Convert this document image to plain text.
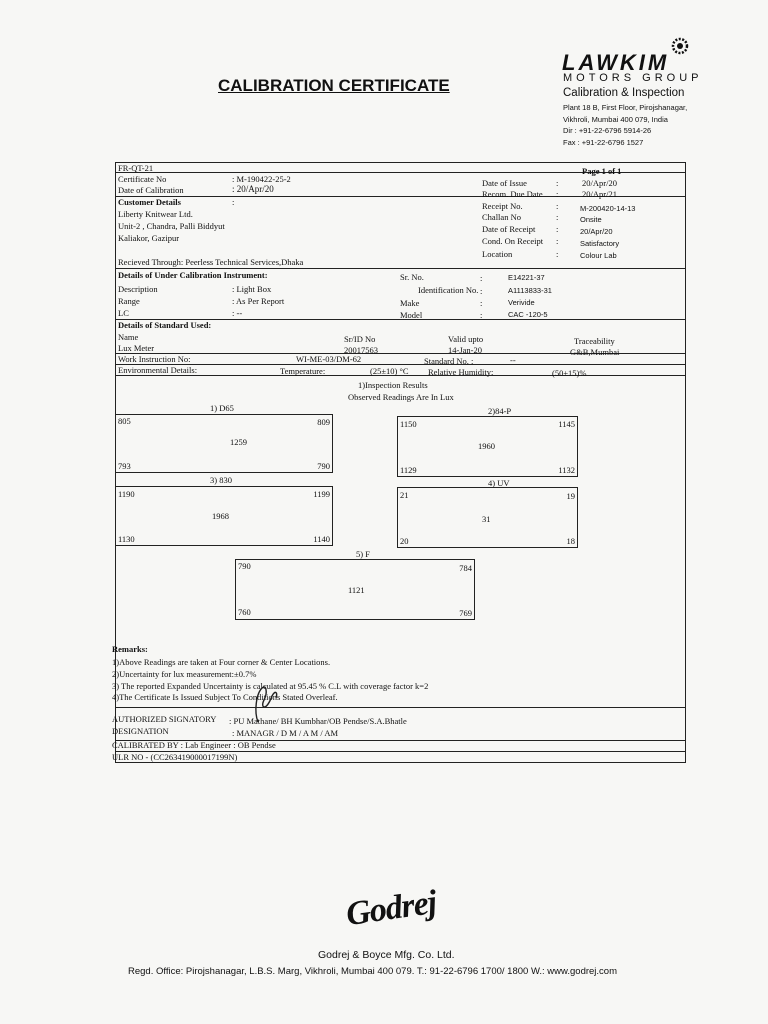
CALIBRATION CERTIFICATE
LAWKIM
MOTORS GROUP
Calibration & Inspection
Plant 18 B, First Floor, Pirojshanagar,
Vikhroli, Mumbai 400 079, India
Dir : +91-22-6796 5914-26
Fax : +91-22-6796 1527
FR-QT-21	Page 1 of 1
Certificate No	: M-190422-25-2
Date of Calibration	: 20/Apr/20
Date of Issue	:	20/Apr/20
Recom. Due Date :	20/Apr/21
Customer Details	:
Liberty Knitwear Ltd.
Unit-2 , Chandra, Palli Biddyut
Kaliakor, Gazipur
Receipt No.	:	M-200420-14-13
Challan No	:	Onsite
Date of Receipt :	20/Apr/20
Cond. On Receipt :	Satisfactory
Location	:	Colour Lab
Recieved Through: Peerless Technical Services,Dhaka
Details of Under Calibration Instrument:
Description	: Light Box
Range	: As Per Report
LC	: --
Sr. No.	:	E14221-37
Identification No. :	A1113833-31
Make	:	Verivide
Model	:	CAC -120-5
Details of Standard Used:
Name	Sr/ID No	Valid upto	Traceability
Lux Meter	20017563	14-Jan-20	G&B,Mumbai
Work Instruction No:	WI-ME-03/DM-62	Standard No. :	--
Environmental Details:	Temperature:	(25±10) °C Relative Humidity:	(50±15)%
1)Inspection Results
Observed Readings Are In Lux
1) D65
805	809
1259
793	790
2)84-P
1150	1145
1960
1129	1132
3) 830
1190	1199
1968
1130	1140
4) UV
21	19
31
20	18
5) F
790	784
1121
760	769
Remarks:
1)Above Readings are taken at Four corner & Center Locations.
2)Uncertainty for lux measurement:±0.7%
3) The reported Expanded Uncertainty is calculated at 95.45 % C.L with coverage factor k=2
4)The Certificate Is Issued Subject To Conditions Stated Overleaf.
AUTHORIZED SIGNATORY : PU Mathane/ BH Kumbhar/OB Pendse/S.A.Bhatle
DESIGNATION	: MANAGR / D M / A M / AM
CALIBRATED BY : Lab Engineer : OB Pendse
ULR NO - (CC263419000017199N)
Godrej
Godrej & Boyce Mfg. Co. Ltd.
Regd. Office: Pirojshanagar, L.B.S. Marg, Vikhroli, Mumbai 400 079. T.: 91-22-6796 1700/ 1800 W.: www.godrej.com
